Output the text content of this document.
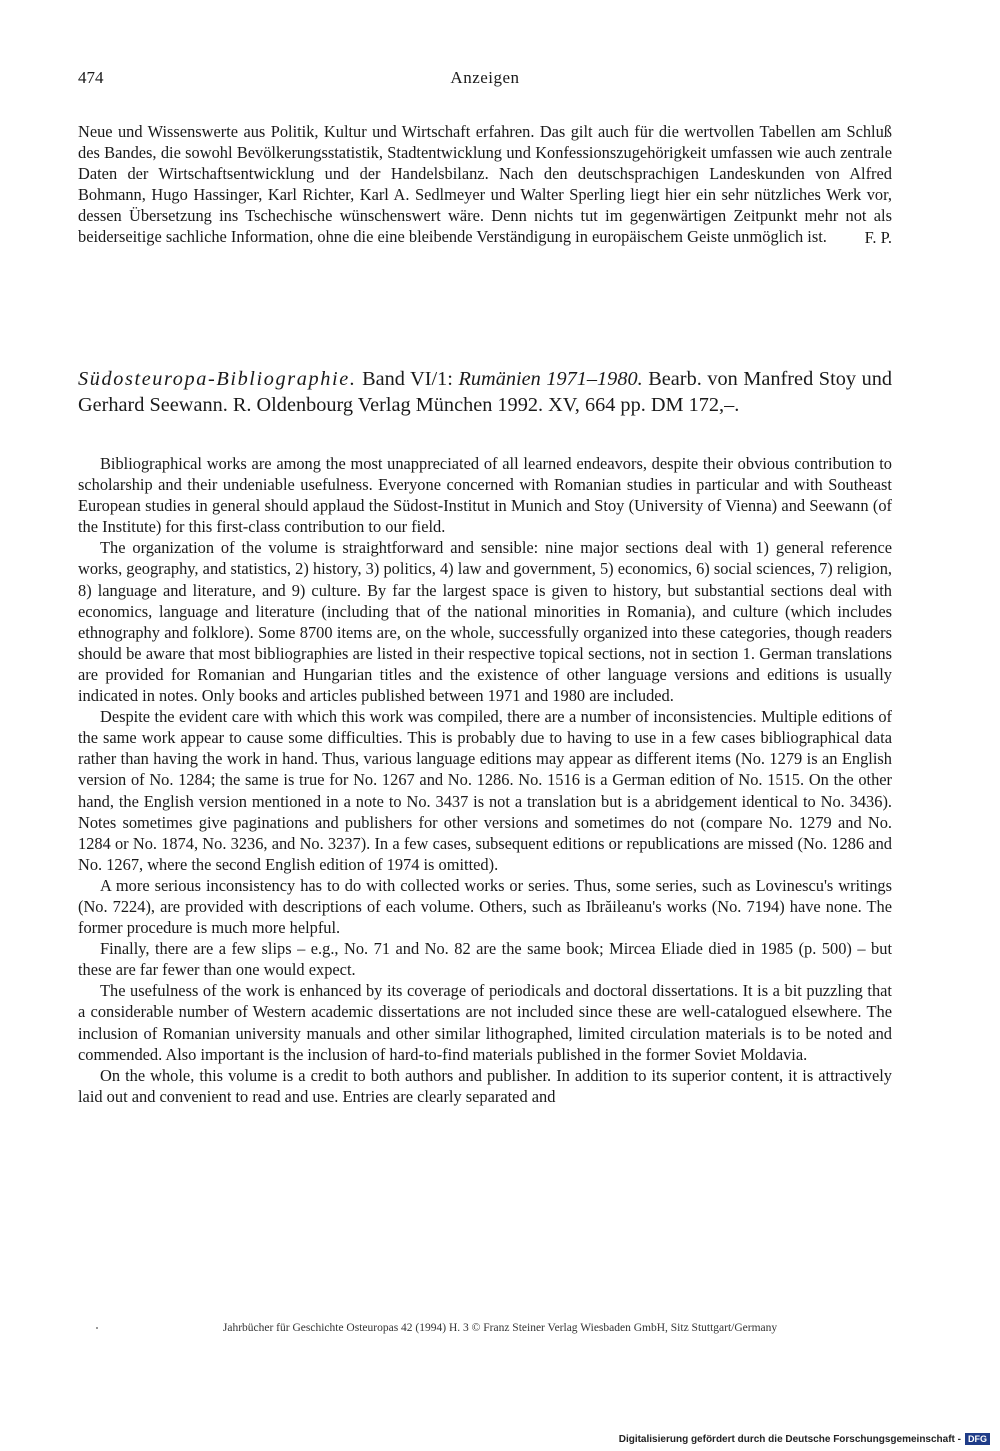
474	Anzeigen
Neue und Wissenswerte aus Politik, Kultur und Wirtschaft erfahren. Das gilt auch für die wertvollen Tabellen am Schluß des Bandes, die sowohl Bevölkerungsstatistik, Stadtentwicklung und Konfessionszugehörigkeit umfassen wie auch zentrale Daten der Wirtschaftsentwicklung und der Handelsbilanz. Nach den deutschsprachigen Landeskunden von Alfred Bohmann, Hugo Hassinger, Karl Richter, Karl A. Sedlmeyer und Walter Sperling liegt hier ein sehr nützliches Werk vor, dessen Übersetzung ins Tschechische wünschenswert wäre. Denn nichts tut im gegenwärtigen Zeitpunkt mehr not als beiderseitige sachliche Information, ohne die eine bleibende Verständigung in europäischem Geiste unmöglich ist.	F. P.
Südosteuropa-Bibliographie. Band VI/1: Rumänien 1971–1980. Bearb. von Manfred Stoy und Gerhard Seewann. R. Oldenbourg Verlag München 1992. XV, 664 pp. DM 172,–.

Bibliographical works are among the most unappreciated of all learned endeavors, despite their obvious contribution to scholarship and their undeniable usefulness. Everyone concerned with Romanian studies in particular and with Southeast European studies in general should applaud the Südost-Institut in Munich and Stoy (University of Vienna) and Seewann (of the Institute) for this first-class contribution to our field.

The organization of the volume is straightforward and sensible: nine major sections deal with 1) general reference works, geography, and statistics, 2) history, 3) politics, 4) law and government, 5) economics, 6) social sciences, 7) religion, 8) language and literature, and 9) culture. By far the largest space is given to history, but substantial sections deal with economics, language and literature (including that of the national minorities in Romania), and culture (which includes ethnography and folklore). Some 8700 items are, on the whole, successfully organized into these categories, though readers should be aware that most bibliographies are listed in their respective topical sections, not in section 1. German translations are provided for Romanian and Hungarian titles and the existence of other language versions and editions is usually indicated in notes. Only books and articles published between 1971 and 1980 are included.

Despite the evident care with which this work was compiled, there are a number of inconsistencies. Multiple editions of the same work appear to cause some difficulties. This is probably due to having to use in a few cases bibliographical data rather than having the work in hand. Thus, various language editions may appear as different items (No. 1279 is an English version of No. 1284; the same is true for No. 1267 and No. 1286. No. 1516 is a German edition of No. 1515. On the other hand, the English version mentioned in a note to No. 3437 is not a translation but is a abridgement identical to No. 3436). Notes sometimes give paginations and publishers for other versions and sometimes do not (compare No. 1279 and No. 1284 or No. 1874, No. 3236, and No. 3237). In a few cases, subsequent editions or republications are missed (No. 1286 and No. 1267, where the second English edition of 1974 is omitted).

A more serious inconsistency has to do with collected works or series. Thus, some series, such as Lovinescu's writings (No. 7224), are provided with descriptions of each volume. Others, such as Ibrăileanu's works (No. 7194) have none. The former procedure is much more helpful.

Finally, there are a few slips – e.g., No. 71 and No. 82 are the same book; Mircea Eliade died in 1985 (p. 500) – but these are far fewer than one would expect.

The usefulness of the work is enhanced by its coverage of periodicals and doctoral dissertations. It is a bit puzzling that a considerable number of Western academic dissertations are not included since these are well-catalogued elsewhere. The inclusion of Romanian university manuals and other similar lithographed, limited circulation materials is to be noted and commended. Also important is the inclusion of hard-to-find materials published in the former Soviet Moldavia.

On the whole, this volume is a credit to both authors and publisher. In addition to its superior content, it is attractively laid out and convenient to read and use. Entries are clearly separated and

Jahrbücher für Geschichte Osteuropas 42 (1994) H. 3 © Franz Steiner Verlag Wiesbaden GmbH, Sitz Stuttgart/Germany
Digitalisierung gefördert durch die Deutsche Forschungsgemeinschaft - DFG
